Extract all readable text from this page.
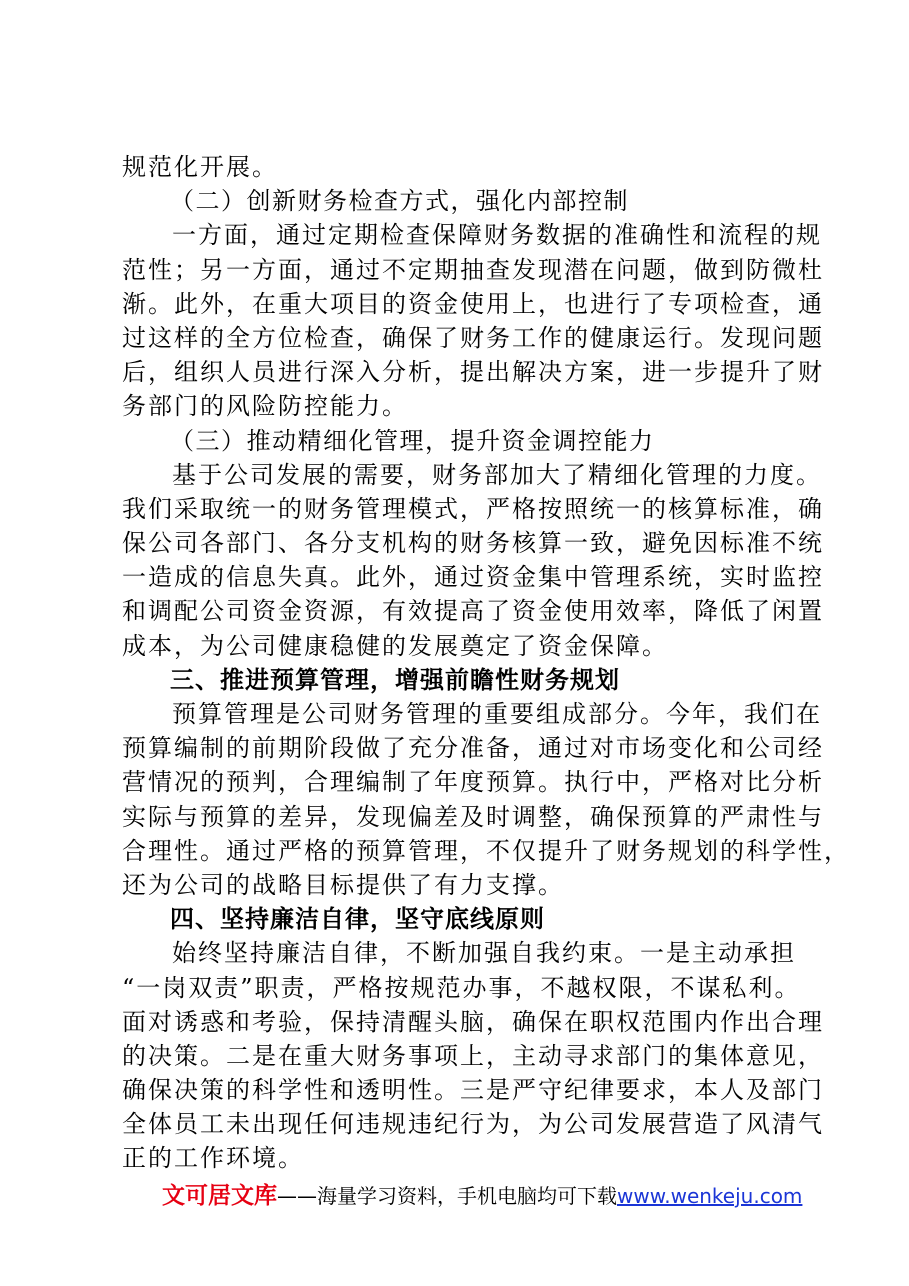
规范化开展。
（二）创新财务检查方式，强化内部控制
一方面，通过定期检查保障财务数据的准确性和流程的规
范性；另一方面，通过不定期抽查发现潜在问题，做到防微杜
渐。此外，在重大项目的资金使用上，也进行了专项检查，通
过这样的全方位检查，确保了财务工作的健康运行。发现问题
后，组织人员进行深入分析，提出解决方案，进一步提升了财
务部门的风险防控能力。
（三）推动精细化管理，提升资金调控能力
基于公司发展的需要，财务部加大了精细化管理的力度。
我们采取统一的财务管理模式，严格按照统一的核算标准，确
保公司各部门、各分支机构的财务核算一致，避免因标准不统
一造成的信息失真。此外，通过资金集中管理系统，实时监控
和调配公司资金资源，有效提高了资金使用效率，降低了闲置
成本，为公司健康稳健的发展奠定了资金保障。
三、推进预算管理，增强前瞻性财务规划
预算管理是公司财务管理的重要组成部分。今年，我们在
预算编制的前期阶段做了充分准备，通过对市场变化和公司经
营情况的预判，合理编制了年度预算。执行中，严格对比分析
实际与预算的差异，发现偏差及时调整，确保预算的严肃性与
合理性。通过严格的预算管理，不仅提升了财务规划的科学性，
还为公司的战略目标提供了有力支撑。
四、坚持廉洁自律，坚守底线原则
始终坚持廉洁自律，不断加强自我约束。一是主动承担
“一岗双责”职责，严格按规范办事，不越权限，不谋私利。
面对诱惑和考验，保持清醒头脑，确保在职权范围内作出合理
的决策。二是在重大财务事项上，主动寻求部门的集体意见，
确保决策的科学性和透明性。三是严守纪律要求，本人及部门
全体员工未出现任何违规违纪行为，为公司发展营造了风清气
正的工作环境。
文可居文库——海量学习资料，手机电脑均可下载www.wenkeju.com
